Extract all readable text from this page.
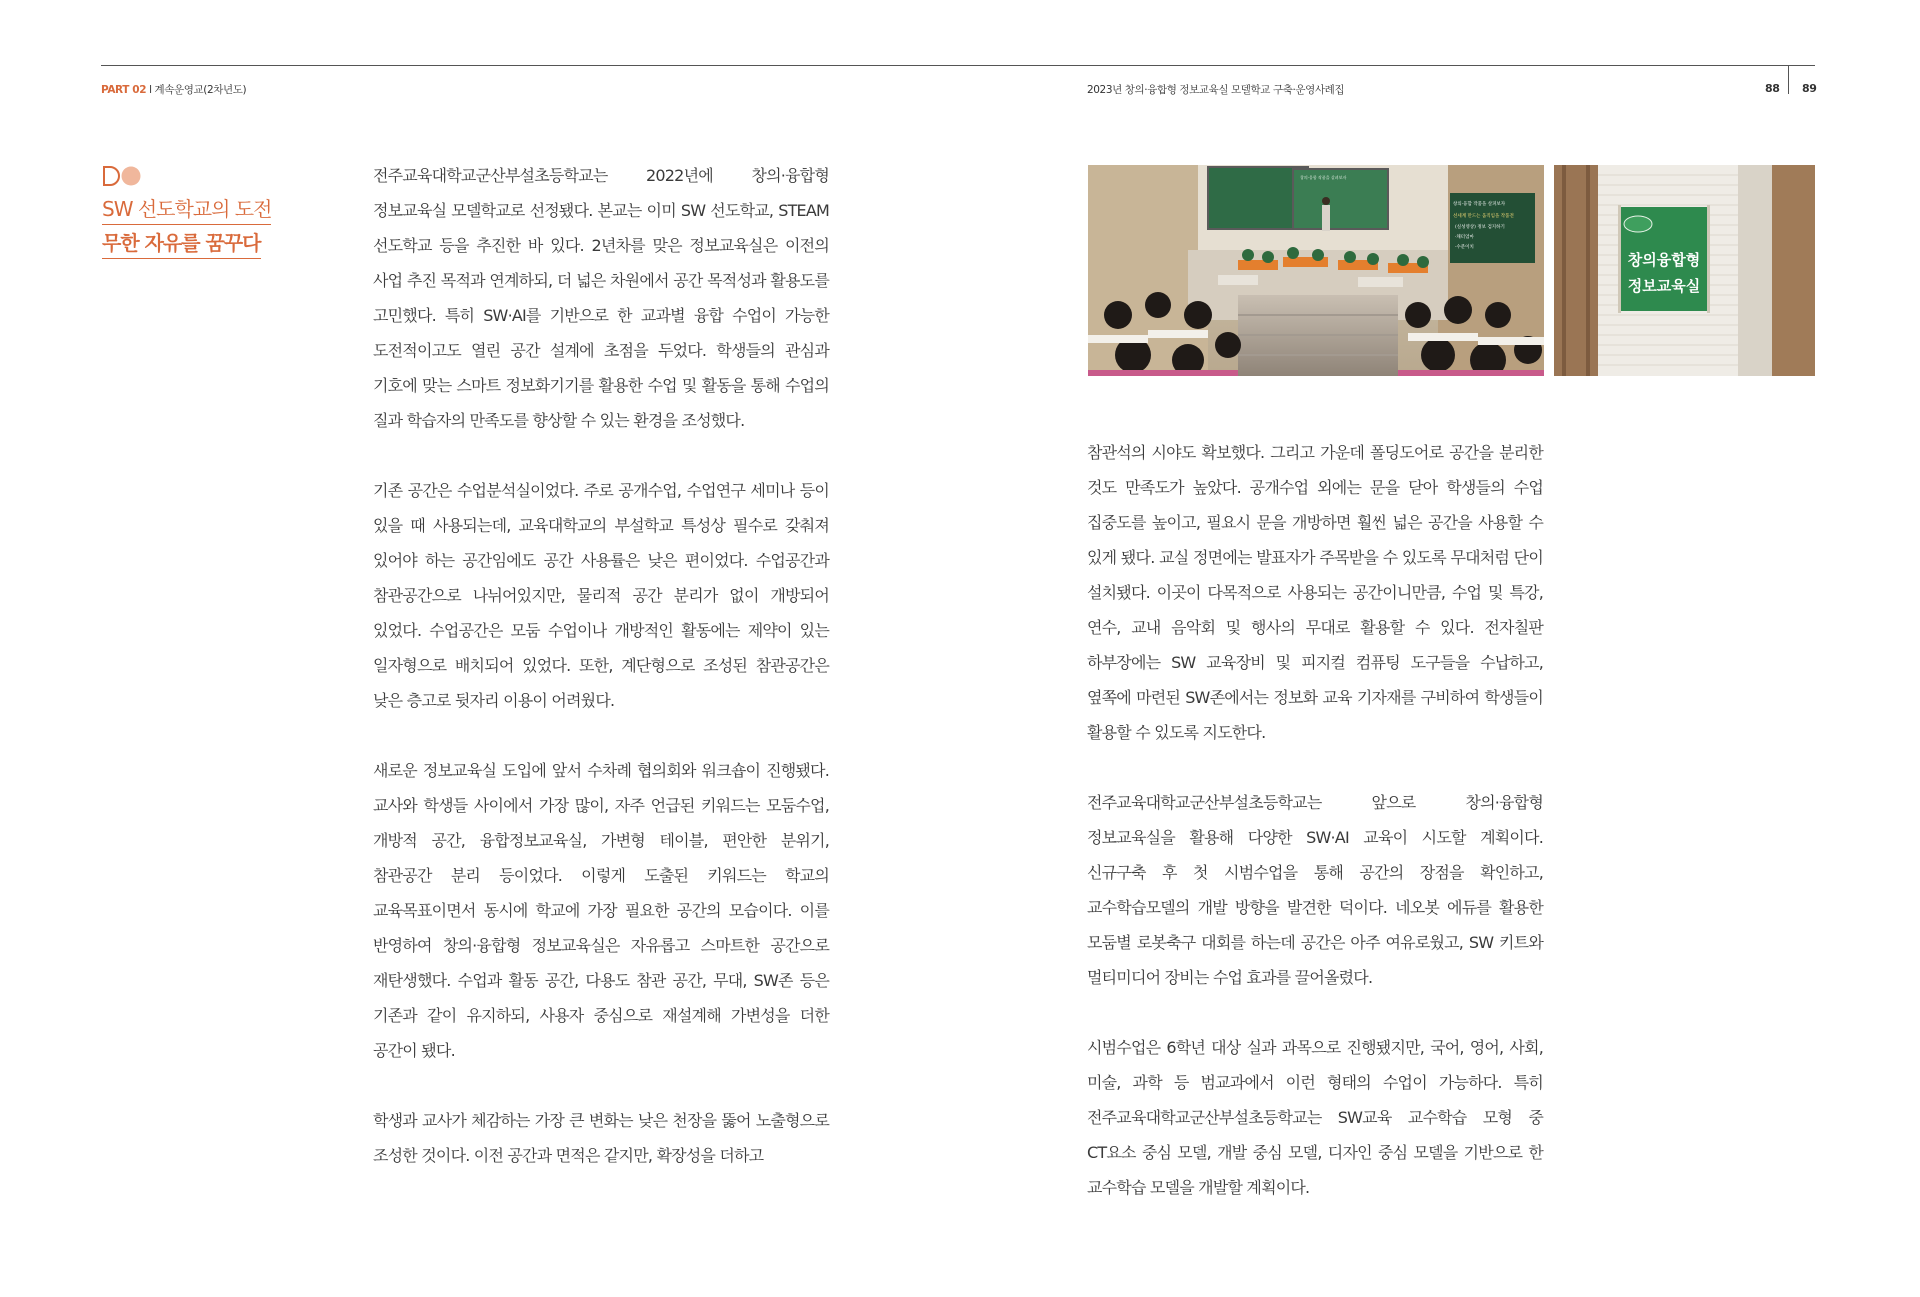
PART 02 l 계속운영교(2차년도)	2023년 창의·융합형 정보교육실 모델학교 구축·운영사례집	88 89
SW 선도학교의 도전
무한 자유를 꿈꾸다

전주교육대학교군산부설초등학교는 2022년에 창의·융합형 정보교육실 모델학교로 선정됐다. 본교는 이미 SW 선도학교, STEAM 선도학교 등을 추진한 바 있다. 2년차를 맞은 정보교육실은 이전의 사업 추진 목적과 연계하되, 더 넓은 차원에서 공간 목적성과 활용도를 고민했다. 특히 SW·AI를 기반으로 한 교과별 융합 수업이 가능한 도전적이고도 열린 공간 설계에 초점을 두었다. 학생들의 관심과 기호에 맞는 스마트 정보화기기를 활용한 수업 및 활동을 통해 수업의 질과 학습자의 만족도를 향상할 수 있는 환경을 조성했다.

기존 공간은 수업분석실이었다. 주로 공개수업, 수업연구 세미나 등이 있을 때 사용되는데, 교육대학교의 부설학교 특성상 필수로 갖춰져 있어야 하는 공간임에도 공간 사용률은 낮은 편이었다. 수업공간과 참관공간으로 나뉘어있지만, 물리적 공간 분리가 없이 개방되어 있었다. 수업공간은 모둠 수업이나 개방적인 활동에는 제약이 있는 일자형으로 배치되어 있었다. 또한, 계단형으로 조성된 참관공간은 낮은 층고로 뒷자리 이용이 어려웠다.

새로운 정보교육실 도입에 앞서 수차례 협의회와 워크숍이 진행됐다. 교사와 학생들 사이에서 가장 많이, 자주 언급된 키워드는 모둠수업, 개방적 공간, 융합정보교육실, 가변형 테이블, 편안한 분위기, 참관공간 분리 등이었다. 이렇게 도출된 키워드는 학교의 교육목표이면서 동시에 학교에 가장 필요한 공간의 모습이다. 이를 반영하여 창의·융합형 정보교육실은 자유롭고 스마트한 공간으로 재탄생했다. 수업과 활동 공간, 다용도 참관 공간, 무대, SW존 등은 기존과 같이 유지하되, 사용자 중심으로 재설계해 가변성을 더한 공간이 됐다.

학생과 교사가 체감하는 가장 큰 변화는 낮은 천장을 뚫어 노출형으로 조성한 것이다. 이전 공간과 면적은 같지만, 확장성을 더하고

창의·융합 작품을 살펴보자
창의·융합 작품을 살펴보자
선세계 만드는 움직임을 작품전
(실성영상) 정보 검지하기
·채터엄마
·수분이치
창의융합형
정보교육실

참관석의 시야도 확보했다. 그리고 가운데 폴딩도어로 공간을 분리한 것도 만족도가 높았다. 공개수업 외에는 문을 닫아 학생들의 수업 집중도를 높이고, 필요시 문을 개방하면 훨씬 넓은 공간을 사용할 수 있게 됐다. 교실 정면에는 발표자가 주목받을 수 있도록 무대처럼 단이 설치됐다. 이곳이 다목적으로 사용되는 공간이니만큼, 수업 및 특강, 연수, 교내 음악회 및 행사의 무대로 활용할 수 있다. 전자칠판 하부장에는 SW 교육장비 및 피지컬 컴퓨팅 도구들을 수납하고, 옆쪽에 마련된 SW존에서는 정보화 교육 기자재를 구비하여 학생들이 활용할 수 있도록 지도한다.

전주교육대학교군산부설초등학교는 앞으로 창의·융합형 정보교육실을 활용해 다양한 SW·AI 교육이 시도할 계획이다. 신규구축 후 첫 시범수업을 통해 공간의 장점을 확인하고, 교수학습모델의 개발 방향을 발견한 덕이다. 네오봇 에듀를 활용한 모둠별 로봇축구 대회를 하는데 공간은 아주 여유로웠고, SW 키트와 멀티미디어 장비는 수업 효과를 끌어올렸다.

시범수업은 6학년 대상 실과 과목으로 진행됐지만, 국어, 영어, 사회, 미술, 과학 등 범교과에서 이런 형태의 수업이 가능하다. 특히 전주교육대학교군산부설초등학교는 SW교육 교수학습 모형 중 CT요소 중심 모델, 개발 중심 모델, 디자인 중심 모델을 기반으로 한 교수학습 모델을 개발할 계획이다.
